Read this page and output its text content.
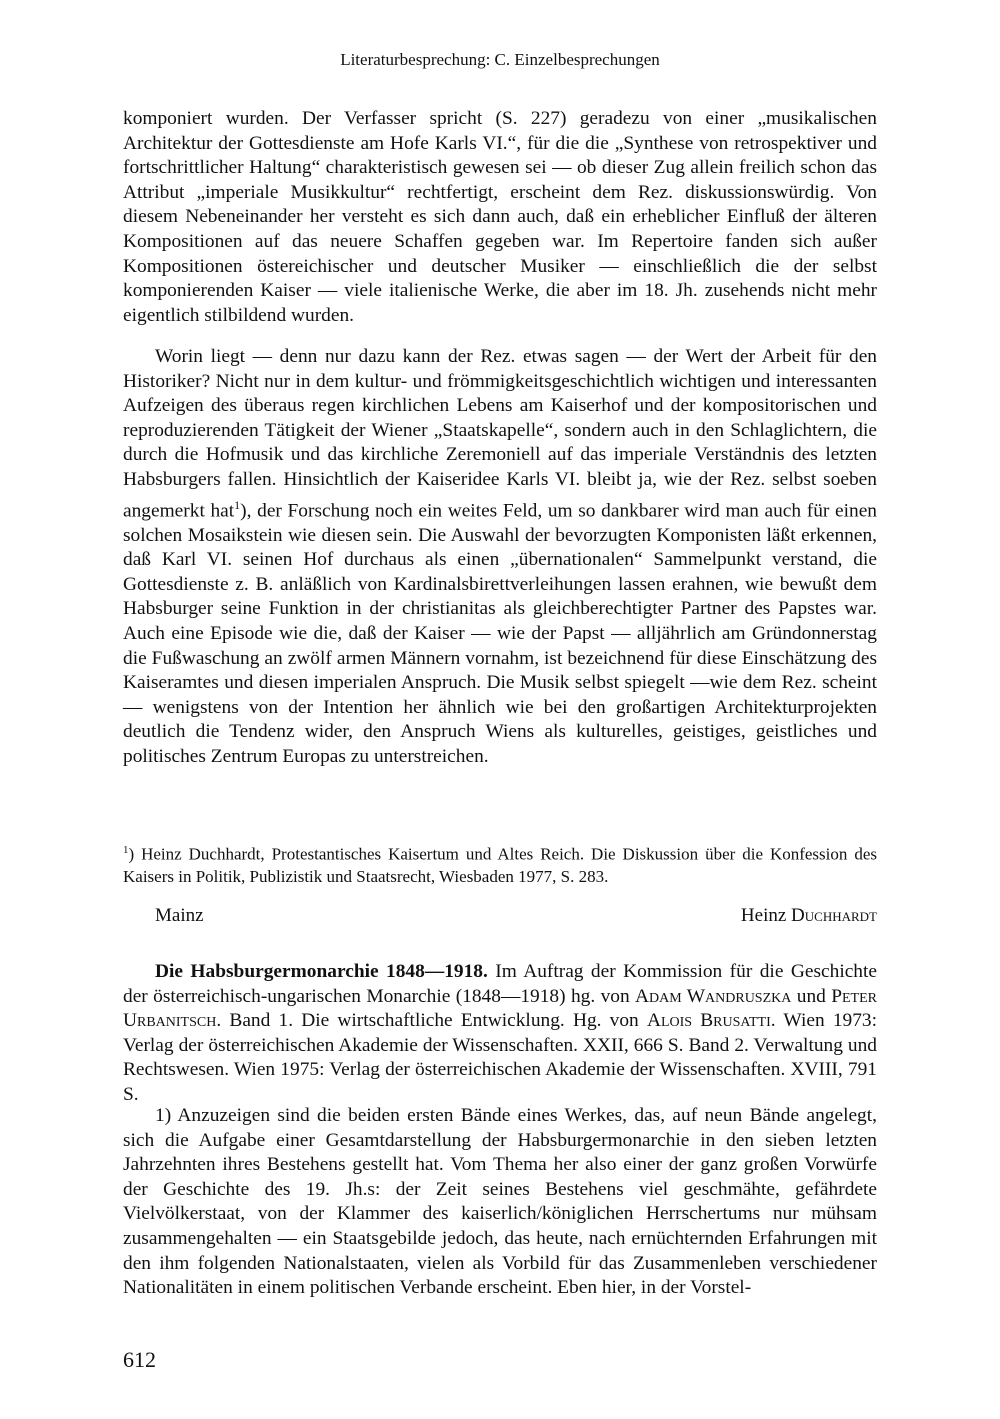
Literaturbesprechung: C. Einzelbesprechungen

komponiert wurden. Der Verfasser spricht (S. 227) geradezu von einer „musikalischen Architektur der Gottesdienste am Hofe Karls VI.“, für die die „Synthese von retrospektiver und fortschrittlicher Haltung“ charakteristisch gewesen sei — ob dieser Zug allein freilich schon das Attribut „imperiale Musikkultur“ rechtfertigt, erscheint dem Rez. diskussionswürdig. Von diesem Nebeneinander her versteht es sich dann auch, daß ein erheblicher Einfluß der älteren Kompositionen auf das neuere Schaffen gegeben war. Im Repertoire fanden sich außer Kompositionen östereichischer und deutscher Musiker — einschließlich die der selbst komponierenden Kaiser — viele italienische Werke, die aber im 18. Jh. zusehends nicht mehr eigentlich stilbildend wurden.

Worin liegt — denn nur dazu kann der Rez. etwas sagen — der Wert der Arbeit für den Historiker? Nicht nur in dem kultur- und frömmigkeitsgeschichtlich wichtigen und interessanten Aufzeigen des überaus regen kirchlichen Lebens am Kaiserhof und der kompositorischen und reproduzierenden Tätigkeit der Wiener „Staatskapelle“, sondern auch in den Schlaglichtern, die durch die Hofmusik und das kirchliche Zeremoniell auf das imperiale Verständnis des letzten Habsburgers fallen. Hinsichtlich der Kaiseridee Karls VI. bleibt ja, wie der Rez. selbst soeben angemerkt hat$^1$), der Forschung noch ein weites Feld, um so dankbarer wird man auch für einen solchen Mosaikstein wie diesen sein. Die Auswahl der bevorzugten Komponisten läßt erkennen, daß Karl VI. seinen Hof durchaus als einen „übernationalen“ Sammelpunkt verstand, die Gottesdienste z. B. anläßlich von Kardinalsbirettverleihungen lassen erahnen, wie bewußt dem Habsburger seine Funktion in der christianitas als gleichberechtigter Partner des Papstes war. Auch eine Episode wie die, daß der Kaiser — wie der Papst — alljährlich am Gründonnerstag die Fußwaschung an zwölf armen Männern vornahm, ist bezeichnend für diese Einschätzung des Kaiseramtes und diesen imperialen Anspruch. Die Musik selbst spiegelt —wie dem Rez. scheint — wenigstens von der Intention her ähnlich wie bei den großartigen Architekturprojekten deutlich die Tendenz wider, den Anspruch Wiens als kulturelles, geistiges, geistliches und politisches Zentrum Europas zu unterstreichen.

$^1$) Heinz Duchhardt, Protestantisches Kaisertum und Altes Reich. Die Diskussion über die Konfession des Kaisers in Politik, Publizistik und Staatsrecht, Wiesbaden 1977, S. 283.

Mainz	Heinz Duchhardt

Die Habsburgermonarchie 1848—1918. Im Auftrag der Kommission für die Geschichte der österreichisch-ungarischen Monarchie (1848—1918) hg. von Adam Wandruszka und Peter Urbanitsch. Band 1. Die wirtschaftliche Entwicklung. Hg. von Alois Brusatti. Wien 1973: Verlag der österreichischen Akademie der Wissenschaften. XXII, 666 S. Band 2. Verwaltung und Rechtswesen. Wien 1975: Verlag der österreichischen Akademie der Wissenschaften. XVIII, 791 S.

1) Anzuzeigen sind die beiden ersten Bände eines Werkes, das, auf neun Bände angelegt, sich die Aufgabe einer Gesamtdarstellung der Habsburgermonarchie in den sieben letzten Jahrzehnten ihres Bestehens gestellt hat. Vom Thema her also einer der ganz großen Vorwürfe der Geschichte des 19. Jh.s: der Zeit seines Bestehens viel geschmähte, gefährdete Vielvölkerstaat, von der Klammer des kaiserlich/königlichen Herrschertums nur mühsam zusammengehalten — ein Staatsgebilde jedoch, das heute, nach ernüchternden Erfahrungen mit den ihm folgenden Nationalstaaten, vielen als Vorbild für das Zusammenleben verschiedener Nationalitäten in einem politischen Verbande erscheint. Eben hier, in der Vorstel-

612
